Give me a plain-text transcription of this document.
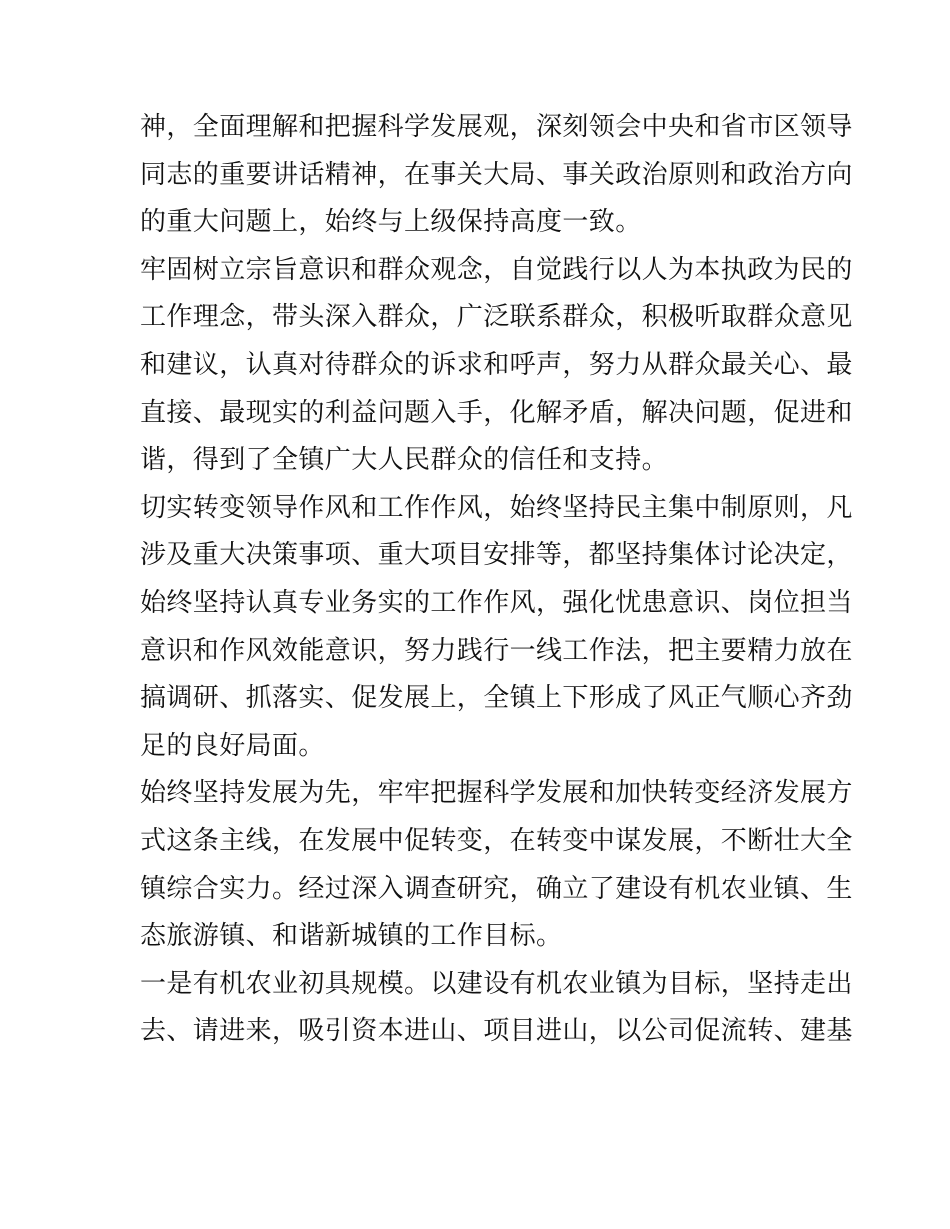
神，全面理解和把握科学发展观，深刻领会中央和省市区领导
同志的重要讲话精神，在事关大局、事关政治原则和政治方向
的重大问题上，始终与上级保持高度一致。
牢固树立宗旨意识和群众观念，自觉践行以人为本执政为民的
工作理念，带头深入群众，广泛联系群众，积极听取群众意见
和建议，认真对待群众的诉求和呼声，努力从群众最关心、最
直接、最现实的利益问题入手，化解矛盾，解决问题，促进和
谐，得到了全镇广大人民群众的信任和支持。
切实转变领导作风和工作作风，始终坚持民主集中制原则，凡
涉及重大决策事项、重大项目安排等，都坚持集体讨论决定，
始终坚持认真专业务实的工作作风，强化忧患意识、岗位担当
意识和作风效能意识，努力践行一线工作法，把主要精力放在
搞调研、抓落实、促发展上，全镇上下形成了风正气顺心齐劲
足的良好局面。
始终坚持发展为先，牢牢把握科学发展和加快转变经济发展方
式这条主线，在发展中促转变，在转变中谋发展，不断壮大全
镇综合实力。经过深入调查研究，确立了建设有机农业镇、生
态旅游镇、和谐新城镇的工作目标。
一是有机农业初具规模。以建设有机农业镇为目标，坚持走出
去、请进来，吸引资本进山、项目进山，以公司促流转、建基
